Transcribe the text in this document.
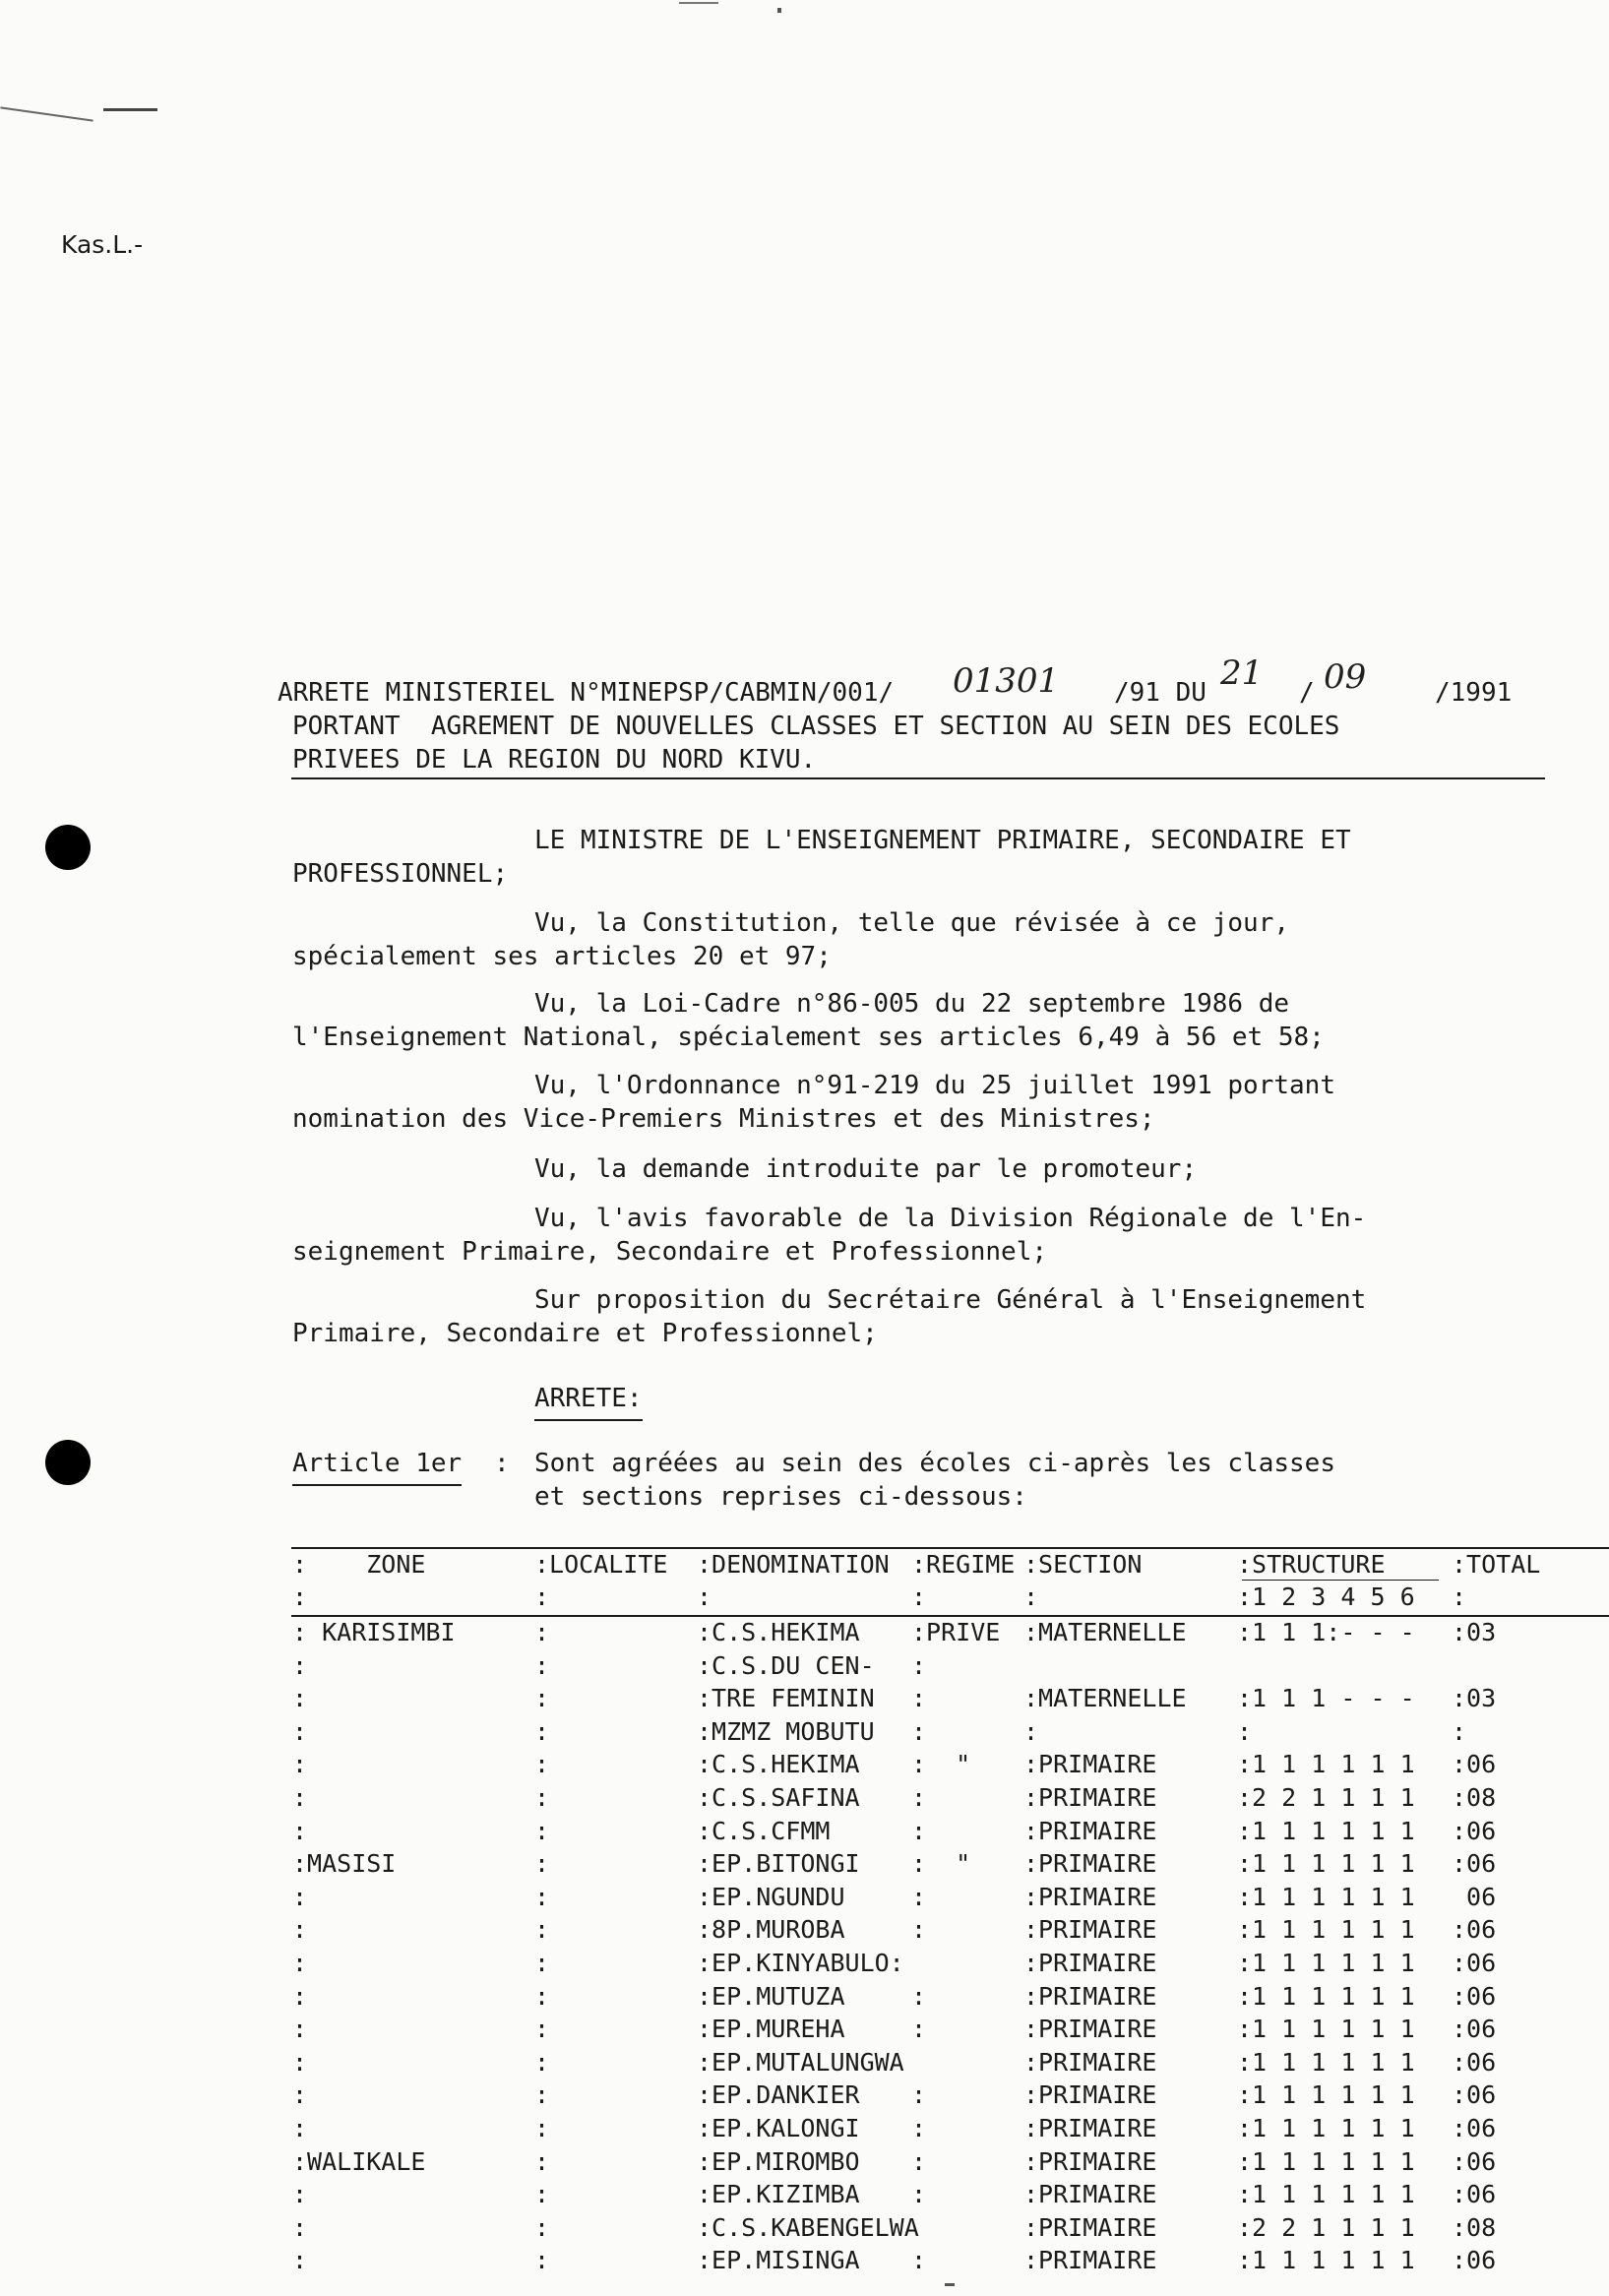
Kas.L.-
ARRETE MINISTERIEL N°MINEPSP/CABMIN/001/ 01301 /91 DU 21 / 09	/1991
PORTANT  AGREMENT DE NOUVELLES CLASSES ET SECTION AU SEIN DES ECOLES
PRIVEES DE LA REGION DU NORD KIVU.
LE MINISTRE DE L'ENSEIGNEMENT PRIMAIRE, SECONDAIRE ET
PROFESSIONNEL;
Vu, la Constitution, telle que révisée à ce jour,
spécialement ses articles 20 et 97;
Vu, la Loi-Cadre n°86-005 du 22 septembre 1986 de
l'Enseignement National, spécialement ses articles 6,49 à 56 et 58;
Vu, l'Ordonnance n°91-219 du 25 juillet 1991 portant
nomination des Vice-Premiers Ministres et des Ministres;
Vu, la demande introduite par le promoteur;
Vu, l'avis favorable de la Division Régionale de l'En-
seignement Primaire, Secondaire et Professionnel;
Sur proposition du Secrétaire Général à l'Enseignement
Primaire, Secondaire et Professionnel;
ARRETE:
Article 1er : Sont agréées au sein des écoles ci-après les classes
et sections reprises ci-dessous:
:    ZONE	:LOCALITE :DENOMINATION :REGIME :SECTION	:STRUCTURE	:TOTAL
:	:	:	:	:	:1 2 3 4 5 6 :
: KARISIMBI	:	:C.S.HEKIMA :PRIVE :MATERNELLE :1 1 1:- - - :03
:	:	:C.S.DU CEN- :
:	:	:TRE FEMININ :	:MATERNELLE :1 1 1 - - - :03
:	:	:MZMZ MOBUTU :	:	:	:
:	:	:C.S.HEKIMA :  " :PRIMAIRE	:1 1 1 1 1 1 :06
:	:	:C.S.SAFINA :	:PRIMAIRE	:2 2 1 1 1 1 :08
:	:	:C.S.CFMM	:	:PRIMAIRE	:1 1 1 1 1 1 :06
:MASISI	:	:EP.BITONGI :  " :PRIMAIRE	:1 1 1 1 1 1 :06
:	:	:EP.NGUNDU	:	:PRIMAIRE	:1 1 1 1 1 1 06
:	:	:8P.MUROBA	:	:PRIMAIRE	:1 1 1 1 1 1 :06
:	:	:EP.KINYABULO:	:PRIMAIRE	:1 1 1 1 1 1 :06
:	:	:EP.MUTUZA	:	:PRIMAIRE	:1 1 1 1 1 1 :06
:	:	:EP.MUREHA	:	:PRIMAIRE	:1 1 1 1 1 1 :06
:	:	:EP.MUTALUNGWA	:PRIMAIRE	:1 1 1 1 1 1 :06
:	:	:EP.DANKIER :	:PRIMAIRE	:1 1 1 1 1 1 :06
:	:	:EP.KALONGI :	:PRIMAIRE	:1 1 1 1 1 1 :06
:WALIKALE	:	:EP.MIROMBO :	:PRIMAIRE	:1 1 1 1 1 1 :06
:	:	:EP.KIZIMBA :	:PRIMAIRE	:1 1 1 1 1 1 :06
:	:	:C.S.KABENGELWA	:PRIMAIRE	:2 2 1 1 1 1 :08
:	:	:EP.MISINGA :	:PRIMAIRE	:1 1 1 1 1 1 :06
